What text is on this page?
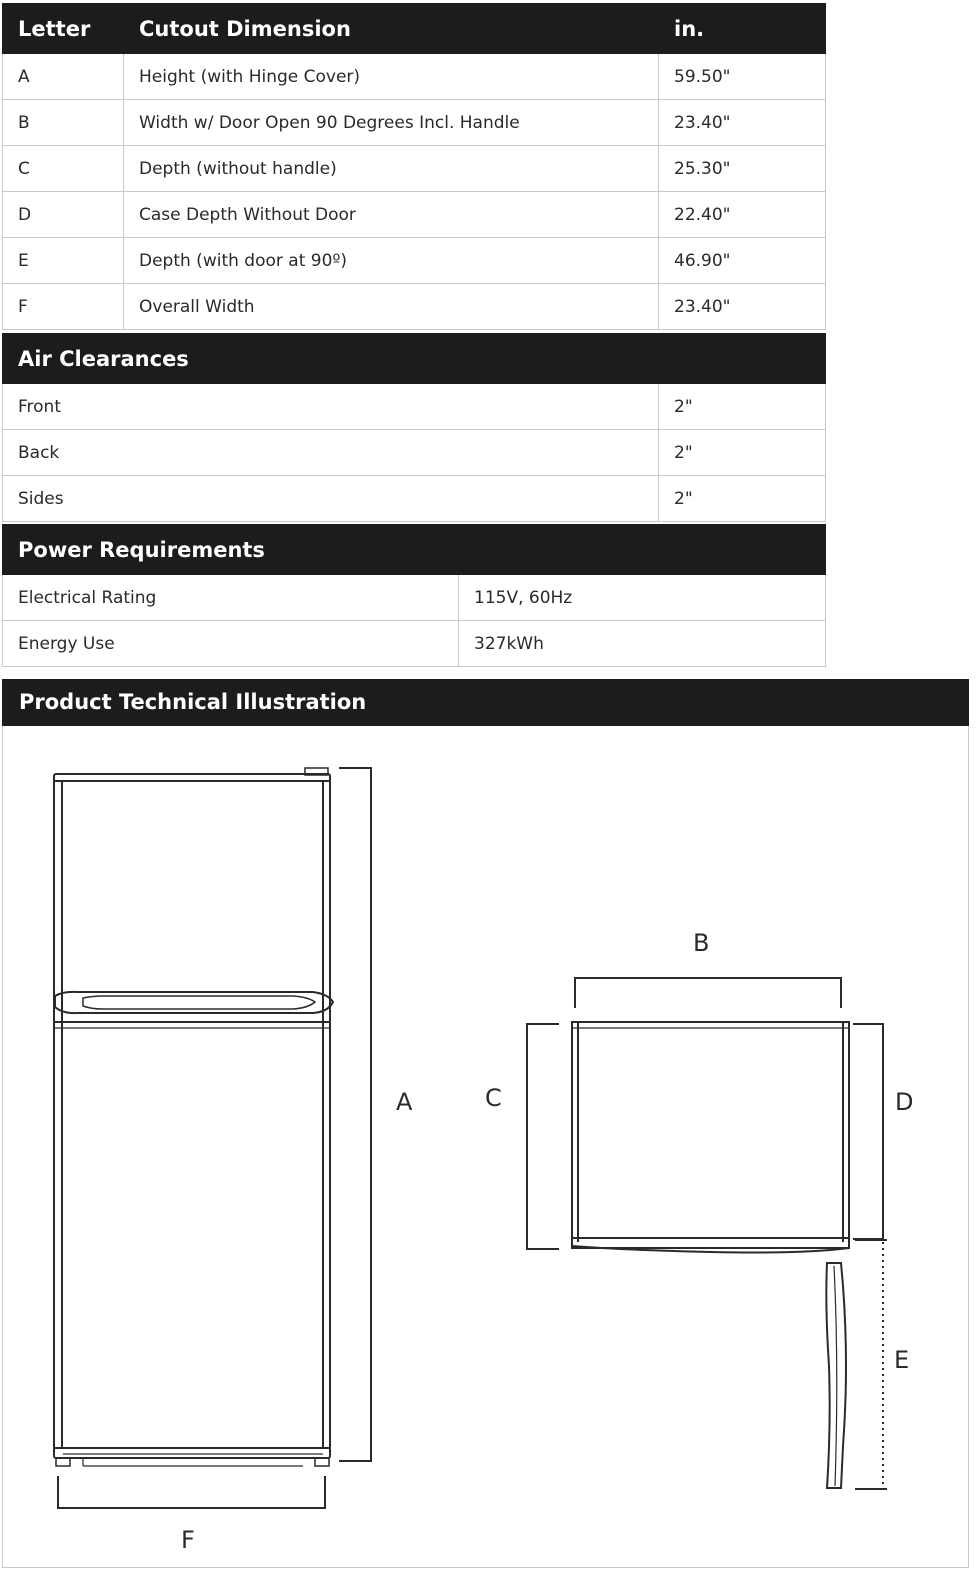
Letter	Cutout Dimension	in.
A	Height (with Hinge Cover)	59.50"
B	Width w/ Door Open 90 Degrees Incl. Handle	23.40"
C	Depth (without handle)	25.30"
D	Case Depth Without Door	22.40"
E	Depth (with door at 90º)	46.90"
F	Overall Width	23.40"
Air Clearances	
Front	2"
Back	2"
Sides	2"
Power Requirements	
Electrical Rating	115V, 60Hz
Energy Use	327kWh
Product Technical Illustration
A
B
C	D
E
F
